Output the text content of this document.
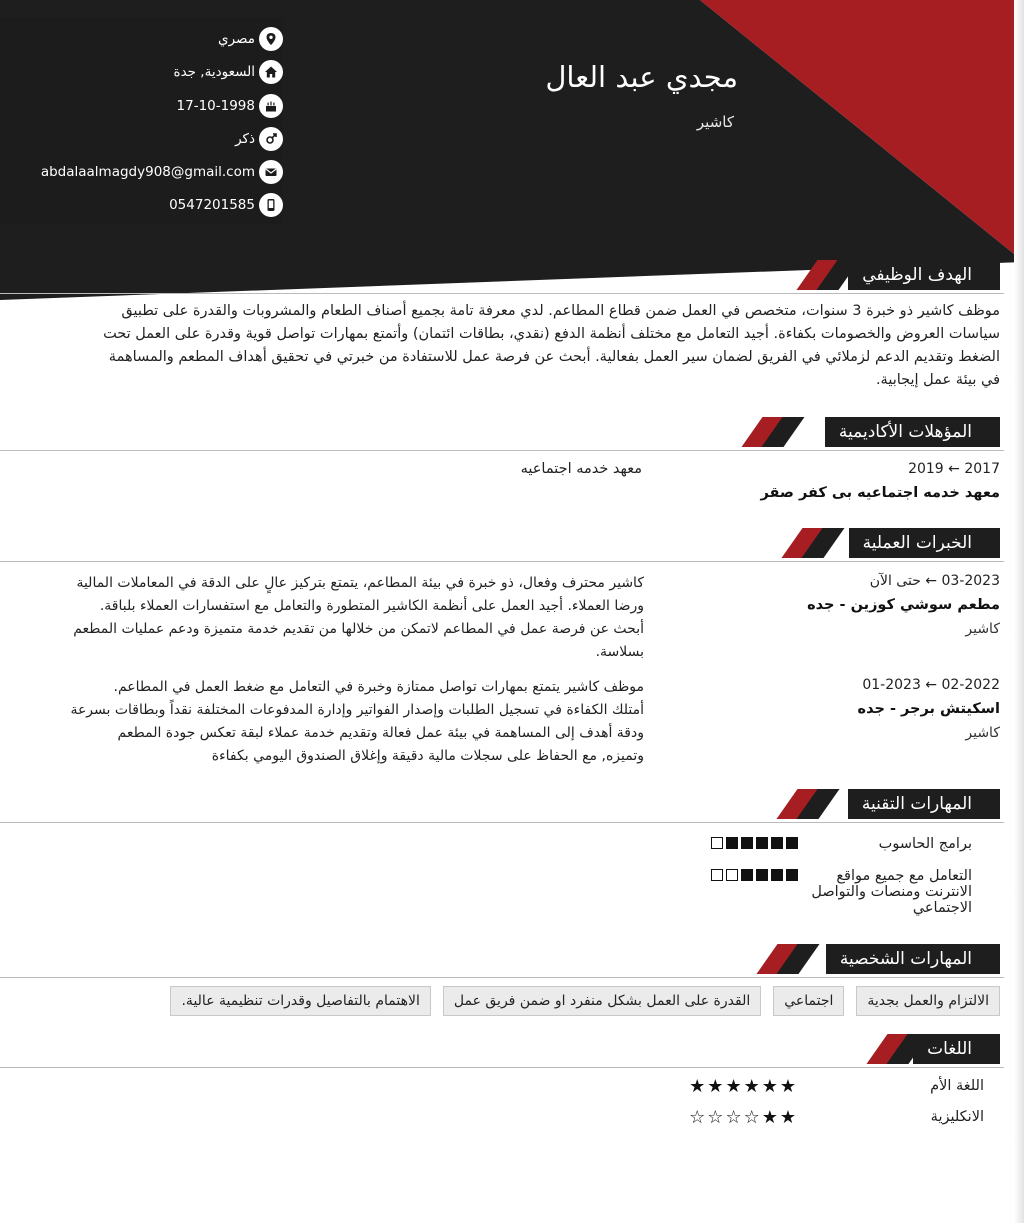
مجدي عبد العال
كاشير
مصري
السعودية, جدة
17-10-1998
ذكر
abdalaalmagdy908@gmail.com
0547201585
الهدف الوظيفي
موظف كاشير ذو خبرة 3 سنوات، متخصص في العمل ضمن قطاع المطاعم. لدي معرفة تامة بجميع أصناف الطعام والمشروبات والقدرة على تطبيق
سياسات العروض والخصومات بكفاءة. أجيد التعامل مع مختلف أنظمة الدفع (نقدي، بطاقات ائتمان) وأتمتع بمهارات تواصل قوية وقدرة على العمل تحت
الضغط وتقديم الدعم لزملائي في الفريق لضمان سير العمل بفعالية. أبحث عن فرصة عمل للاستفادة من خبرتي في تحقيق أهداف المطعم والمساهمة
في بيئة عمل إيجابية.
المؤهلات الأكاديمية
2017 ← 2019
معهد خدمه اجتماعيه بى كفر صقر
معهد خدمه اجتماعيه
الخبرات العملية
03-2023 ← حتى الآن
مطعم سوشي كوزين - جده
كاشير
كاشير محترف وفعال، ذو خبرة في بيئة المطاعم، يتمتع بتركيز عالٍ على الدقة في المعاملات المالية
ورضا العملاء. أجيد العمل على أنظمة الكاشير المتطورة والتعامل مع استفسارات العملاء بلباقة.
أبحث عن فرصة عمل في المطاعم لاتمكن من خلالها من تقديم خدمة متميزة ودعم عمليات المطعم
بسلاسة.
02-2022 ← 01-2023
اسكيتش برجر - جده
كاشير
موظف كاشير يتمتع بمهارات تواصل ممتازة وخبرة في التعامل مع ضغط العمل في المطاعم.
أمتلك الكفاءة في تسجيل الطلبات وإصدار الفواتير وإدارة المدفوعات المختلفة نقداً وبطاقات بسرعة
ودقة أهدف إلى المساهمة في بيئة عمل فعالة وتقديم خدمة عملاء لبقة تعكس جودة المطعم
وتميزه, مع الحفاظ على سجلات مالية دقيقة وإغلاق الصندوق اليومي بكفاءة
المهارات التقنية
برامج الحاسوب
التعامل مع جميع مواقع
الانترنت ومنصات والتواصل
الاجتماعي
المهارات الشخصية
الالتزام والعمل بجدية
اجتماعي
القدرة على العمل بشكل منفرد او ضمن فريق عمل
الاهتمام بالتفاصيل وقدرات تنظيمية عالية.
اللغات
اللغة الأم
★
★
★
★
★
★
الانكليزية
★
★
☆
☆
☆
☆
